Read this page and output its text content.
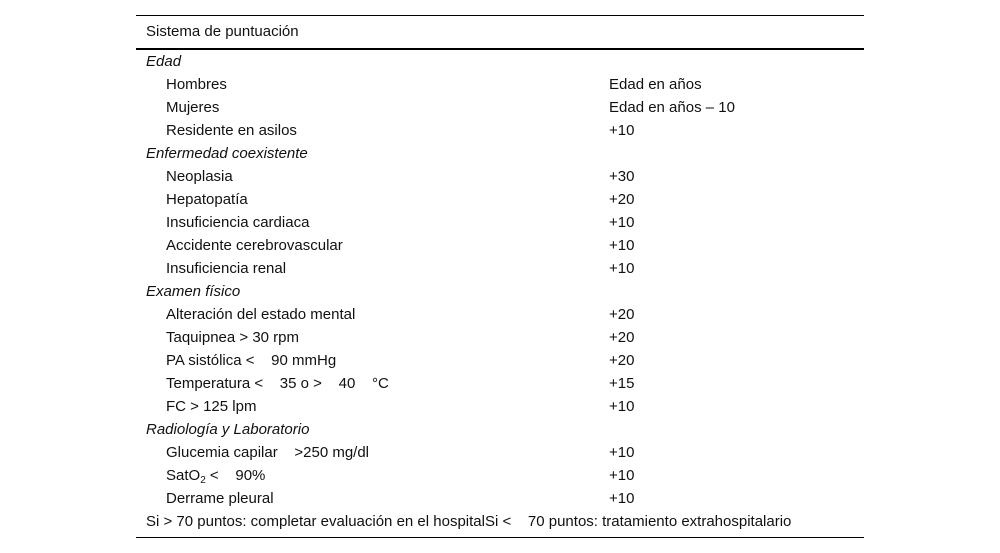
Sistema de puntuación
Edad
Hombres	Edad en años
Mujeres	Edad en años – 10
Residente en asilos	+10
Enfermedad coexistente
Neoplasia	+30
Hepatopatía	+20
Insuficiencia cardiaca	+10
Accidente cerebrovascular	+10
Insuficiencia renal	+10
Examen físico
Alteración del estado mental	+20
Taquipnea > 30 rpm	+20
PA sistólica <    90 mmHg	+20
Temperatura <    35 o >    40    °C	+15
FC > 125 lpm	+10
Radiología y Laboratorio
Glucemia capilar    >250 mg/dl	+10
SatO$_2$ <    90%	+10
Derrame pleural	+10
Si > 70 puntos: completar evaluación en el hospitalSi <    70 puntos: tratamiento extrahospitalario
